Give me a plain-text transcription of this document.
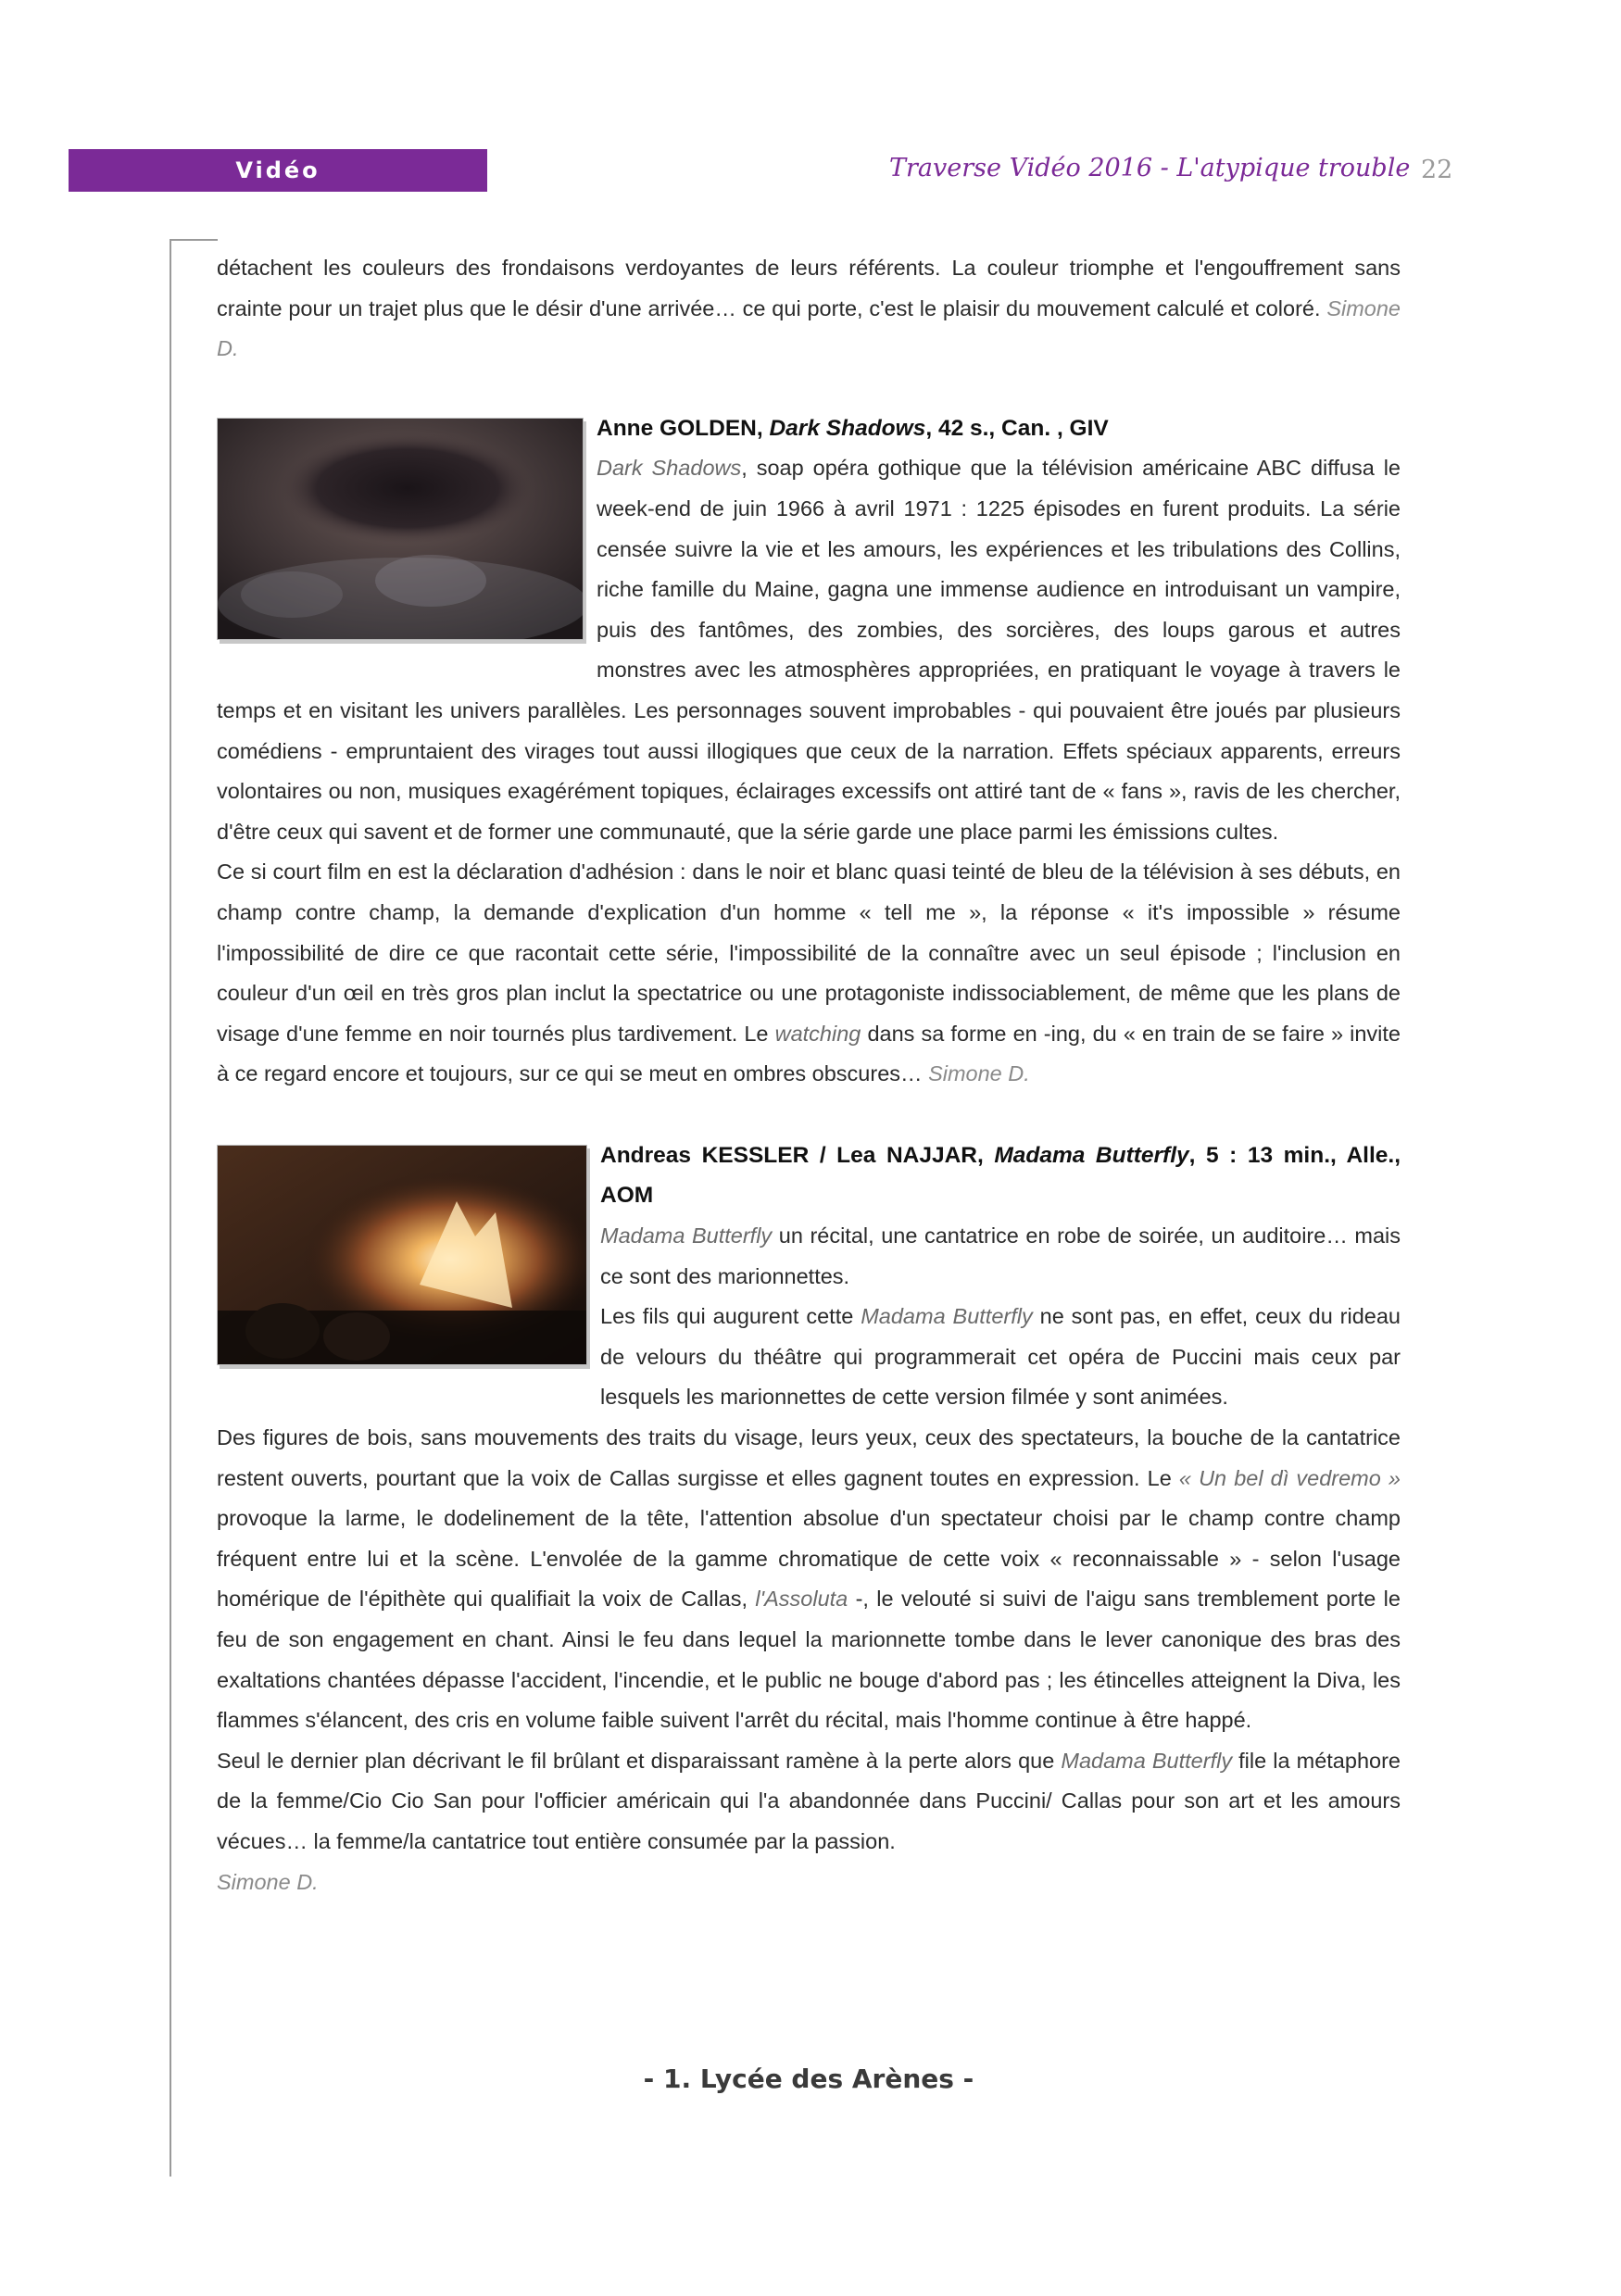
Vidéo	Traverse Vidéo 2016 - L'atypique trouble 22

détachent les couleurs des frondaisons verdoyantes de leurs référents. La couleur triomphe et l'engouffrement sans crainte pour un trajet plus que le désir d'une arrivée… ce qui porte, c'est le plaisir du mouvement calculé et coloré. Simone D.

Anne GOLDEN, Dark Shadows, 42 s., Can. , GIV

Dark Shadows, soap opéra gothique que la télévision américaine ABC diffusa le week-end de juin 1966 à avril 1971 : 1225 épisodes en furent produits. La série censée suivre la vie et les amours, les expériences et les tribulations des Collins, riche famille du Maine, gagna une immense audience en introduisant un vampire, puis des fantômes, des zombies, des sorcières, des loups garous et autres monstres avec les atmosphères appropriées, en pratiquant le voyage à travers le temps et en visitant les univers parallèles. Les personnages souvent improbables - qui pouvaient être joués par plusieurs comédiens - empruntaient des virages tout aussi illogiques que ceux de la narration. Effets spéciaux apparents, erreurs volontaires ou non, musiques exagérément topiques, éclairages excessifs ont attiré tant de « fans », ravis de les chercher, d'être ceux qui savent et de former une communauté, que la série garde une place parmi les émissions cultes.

Ce si court film en est la déclaration d'adhésion : dans le noir et blanc quasi teinté de bleu de la télévision à ses débuts, en champ contre champ, la demande d'explication d'un homme « tell me », la réponse « it's impossible » résume l'impossibilité de dire ce que racontait cette série, l'impossibilité de la connaître avec un seul épisode ; l'inclusion en couleur d'un œil en très gros plan inclut la spectatrice ou une protagoniste indissociablement, de même que les plans de visage d'une femme en noir tournés plus tardivement. Le watching dans sa forme en -ing, du « en train de se faire » invite à ce regard encore et toujours, sur ce qui se meut en ombres obscures… Simone D.

Andreas KESSLER / Lea NAJJAR, Madama Butterfly, 5 : 13 min., Alle., AOM

Madama Butterfly un récital, une cantatrice en robe de soirée, un auditoire… mais ce sont des marionnettes.

Les fils qui augurent cette Madama Butterfly ne sont pas, en effet, ceux du rideau de velours du théâtre qui programmerait cet opéra de Puccini mais ceux par lesquels les marionnettes de cette version filmée y sont animées.

Des figures de bois, sans mouvements des traits du visage, leurs yeux, ceux des spectateurs, la bouche de la cantatrice restent ouverts, pourtant que la voix de Callas surgisse et elles gagnent toutes en expression. Le « Un bel dì vedremo » provoque la larme, le dodelinement de la tête, l'attention absolue d'un spectateur choisi par le champ contre champ fréquent entre lui et la scène. L'envolée de la gamme chromatique de cette voix « reconnaissable » - selon l'usage homérique de l'épithète qui qualifiait la voix de Callas, l'Assoluta -, le velouté si suivi de l'aigu sans tremblement porte le feu de son engagement en chant. Ainsi le feu dans lequel la marionnette tombe dans le lever canonique des bras des exaltations chantées dépasse l'accident, l'incendie, et le public ne bouge d'abord pas ; les étincelles atteignent la Diva, les flammes s'élancent, des cris en volume faible suivent l'arrêt du récital, mais l'homme continue à être happé.

Seul le dernier plan décrivant le fil brûlant et disparaissant ramène à la perte alors que Madama Butterfly file la métaphore de la femme/Cio Cio San pour l'officier américain qui l'a abandonnée dans Puccini/ Callas pour son art et les amours vécues… la femme/la cantatrice tout entière consumée par la passion.

Simone D.

- 1. Lycée des Arènes -
